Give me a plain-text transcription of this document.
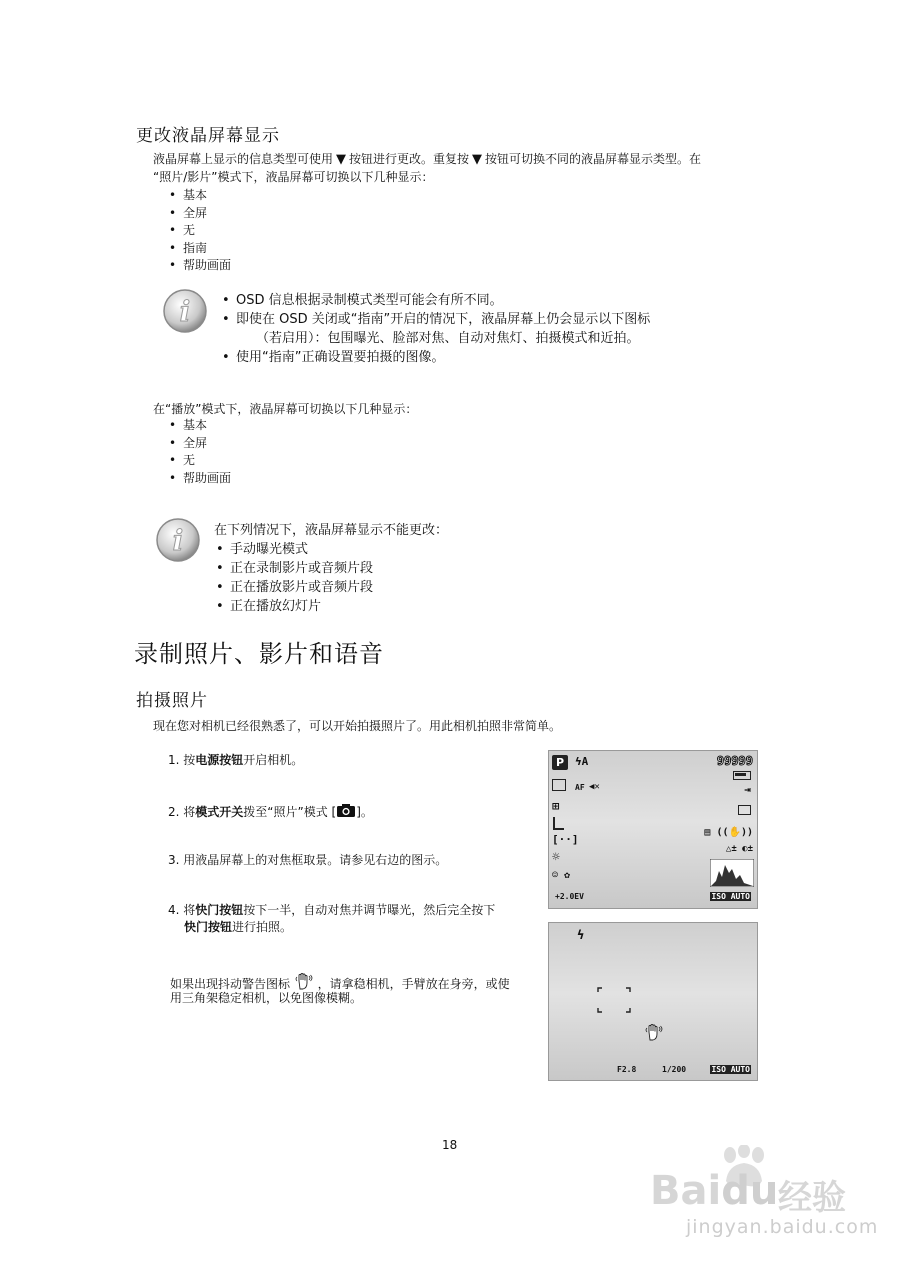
更改液晶屏幕显示
液晶屏幕上显示的信息类型可使用 ▼ 按钮进行更改。重复按 ▼ 按钮可切换不同的液晶屏幕显示类型。在
“照片/影片”模式下，液晶屏幕可切换以下几种显示：
• 基本
• 全屏
• 无
• 指南
• 帮助画面
i
•	OSD 信息根据录制模式类型可能会有所不同。
• 即使在 OSD 关闭或“指南”开启的情况下，液晶屏幕上仍会显示以下图标
（若启用）：包围曝光、脸部对焦、自动对焦灯、拍摄模式和近拍。
• 使用“指南”正确设置要拍摄的图像。
在“播放”模式下，液晶屏幕可切换以下几种显示：
• 基本
• 全屏
• 无
• 帮助画面
i 在下列情况下，液晶屏幕显示不能更改：
• 手动曝光模式
• 正在录制影片或音频片段
• 正在播放影片或音频片段
• 正在播放幻灯片
录制照片、影片和语音
拍摄照片
现在您对相机已经很熟悉了，可以开始拍摄照片了。用此相机拍照非常简单。
1. 按电源按钮开启相机。
2. 将模式开关拨至“照片”模式 [ ]。
3. 用液晶屏幕上的对焦框取景。请参见右边的图示。
4. 将快门按钮按下一半，自动对焦并调节曝光，然后完全按下
快门按钮进行拍照。
如果出现抖动警告图标 ，请拿稳相机，手臂放在身旁，或使
用三角架稳定相机，以免图像模糊。
P ϟA	99999
AF ◀✕	⇥
⊞
[··]
▤ ((✋))
△± ◐±
☼
☺ ✿
+2.0EV	ISO AUTO
ϟ
F2.8	1/200	ISO AUTO
18
Baidu 经验
jingyan.baidu.com
